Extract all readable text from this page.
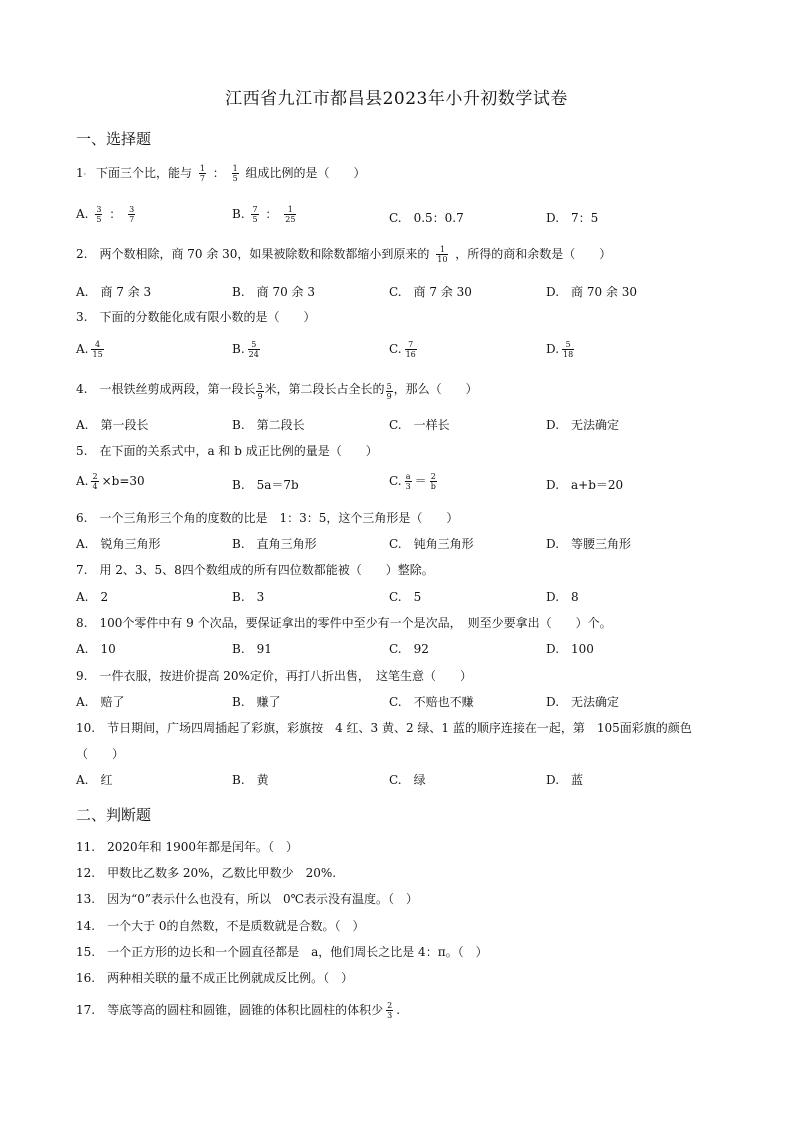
江西省九江市都昌县2023年小升初数学试卷
一、选择题
1· 下面三个比，能与 $\frac{1}{7}$ ： $\frac{1}{5}$ 组成比例的是（　　）
A. $\frac{3}{5}$ ： $\frac{3}{7}$	B. $\frac{7}{5}$ ： $\frac{1}{25}$	C.　0.5：0.7	D.　7：5
2.　两个数相除，商 70 余 30，如果被除数和除数都缩小到原来的 $\frac{1}{10}$ ，所得的商和余数是（　　）
A.　商 7 余 3	B.　商 70 余 3	C.　商 7 余 30	D.　商 70 余 30
3.　下面的分数能化成有限小数的是（　　）
A. $\frac{4}{15}$	B. $\frac{5}{24}$	C. $\frac{7}{16}$	D. $\frac{5}{18}$
4.　一根铁丝剪成两段，第一段长 $\frac{5}{9}$ 米，第二段长占全长的 $\frac{5}{9}$ ，那么（　　）
A.　第一段长	B.　第二段长	C.　一样长	D.　无法确定
5.　在下面的关系式中，a 和 b 成正比例的量是（　　）
A. $\frac{2}{4} \times b=30$	B.　5a＝7b	C. $\frac{a}{3} = \frac{2}{b}$	D.　a+b＝20
6.　一个三角形三个角的度数的比是　1：3：5，这个三角形是（　　）
A.　锐角三角形	B.　直角三角形	C.　钝角三角形	D.　等腰三角形
7.　用 2、3、5、8四个数组成的所有四位数都能被（　　）整除。
A.　2	B.　3	C.　5	D.　8
8.　100个零件中有 9 个次品，要保证拿出的零件中至少有一个是次品，　则至少要拿出（　　）个。
A.　10	B.　91	C.　92	D.　100
9.　一件衣服，按进价提高 20%定价，再打八折出售，　这笔生意（　　）
A.　赔了	B.　赚了	C.　不赔也不赚	D.　无法确定
10.　节日期间，广场四周插起了彩旗，彩旗按　4 红、3 黄、2 绿、1 蓝的顺序连接在一起，第　105面彩旗的颜色
（　　）
A.　红	B.　黄	C.　绿	D.　蓝
二、判断题
11.　2020年和 1900年都是闰年。（　）
12.　甲数比乙数多 20%，乙数比甲数少　20%.
13.　因为“0”表示什么也没有，所以　0℃表示没有温度。（　）
14.　一个大于 0的自然数，不是质数就是合数。（　）
15.　一个正方形的边长和一个圆直径都是　a，他们周长之比是 4：π。（　）
16.　两种相关联的量不成正比例就成反比例。（　）
17.　等底等高的圆柱和圆锥，圆锥的体积比圆柱的体积少 $\frac{2}{3}$ .
